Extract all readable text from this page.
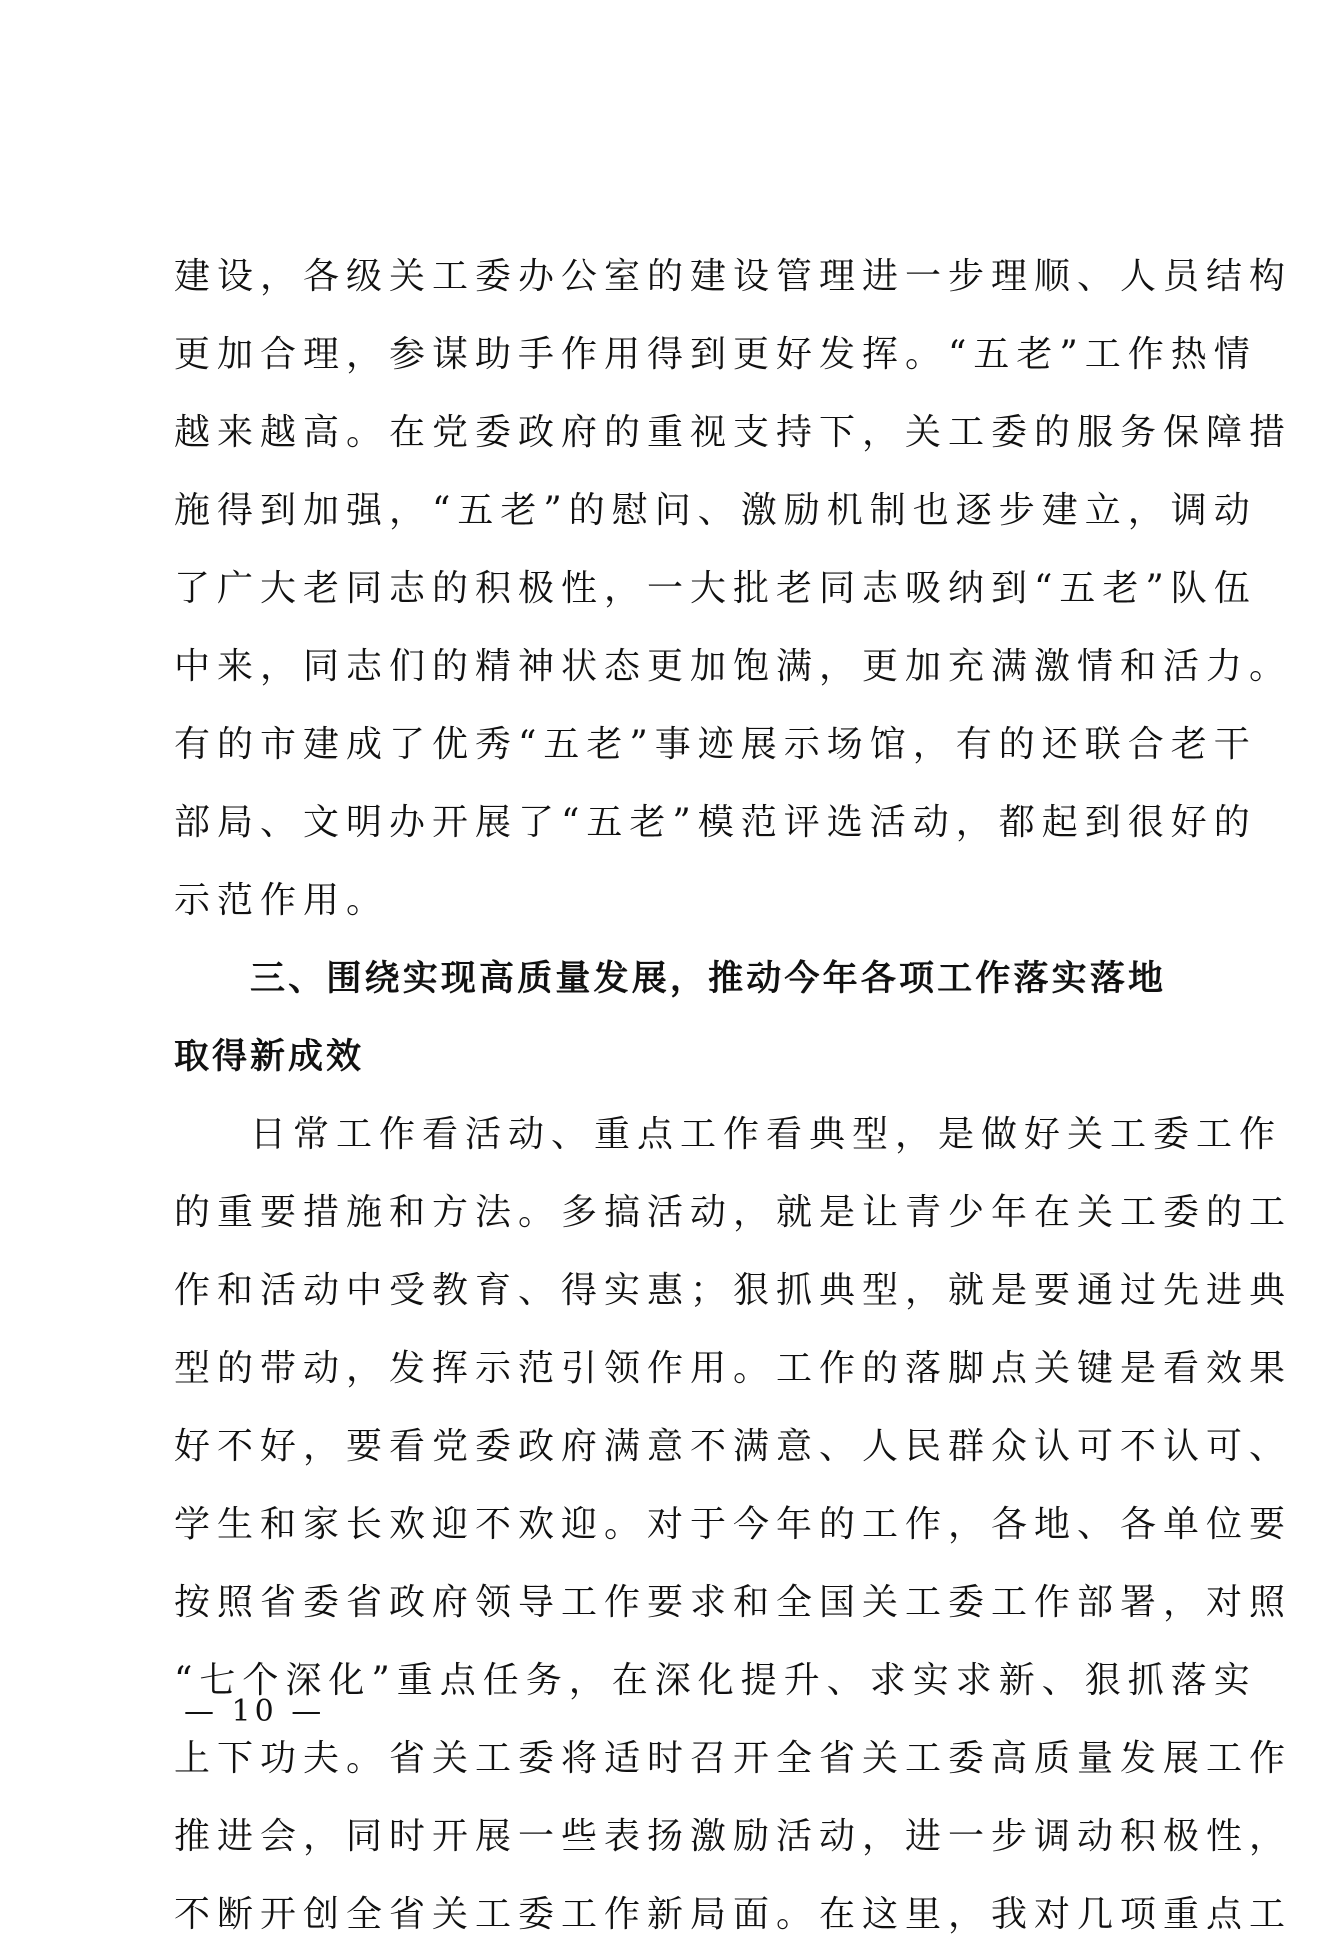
建设，各级关工委办公室的建设管理进一步理顺、人员结构
更加合理，参谋助手作用得到更好发挥。“五老”工作热情
越来越高。在党委政府的重视支持下，关工委的服务保障措
施得到加强，“五老”的慰问、激励机制也逐步建立，调动
了广大老同志的积极性，一大批老同志吸纳到“五老”队伍
中来，同志们的精神状态更加饱满，更加充满激情和活力。
有的市建成了优秀“五老”事迹展示场馆，有的还联合老干
部局、文明办开展了“五老”模范评选活动，都起到很好的
示范作用。
三、围绕实现高质量发展，推动今年各项工作落实落地
取得新成效
日常工作看活动、重点工作看典型，是做好关工委工作
的重要措施和方法。多搞活动，就是让青少年在关工委的工
作和活动中受教育、得实惠；狠抓典型，就是要通过先进典
型的带动，发挥示范引领作用。工作的落脚点关键是看效果
好不好，要看党委政府满意不满意、人民群众认可不认可、
学生和家长欢迎不欢迎。对于今年的工作，各地、各单位要
按照省委省政府领导工作要求和全国关工委工作部署，对照
“七个深化”重点任务，在深化提升、求实求新、狠抓落实
上下功夫。省关工委将适时召开全省关工委高质量发展工作
推进会，同时开展一些表扬激励活动，进一步调动积极性，
不断开创全省关工委工作新局面。在这里，我对几项重点工
— 10 —
